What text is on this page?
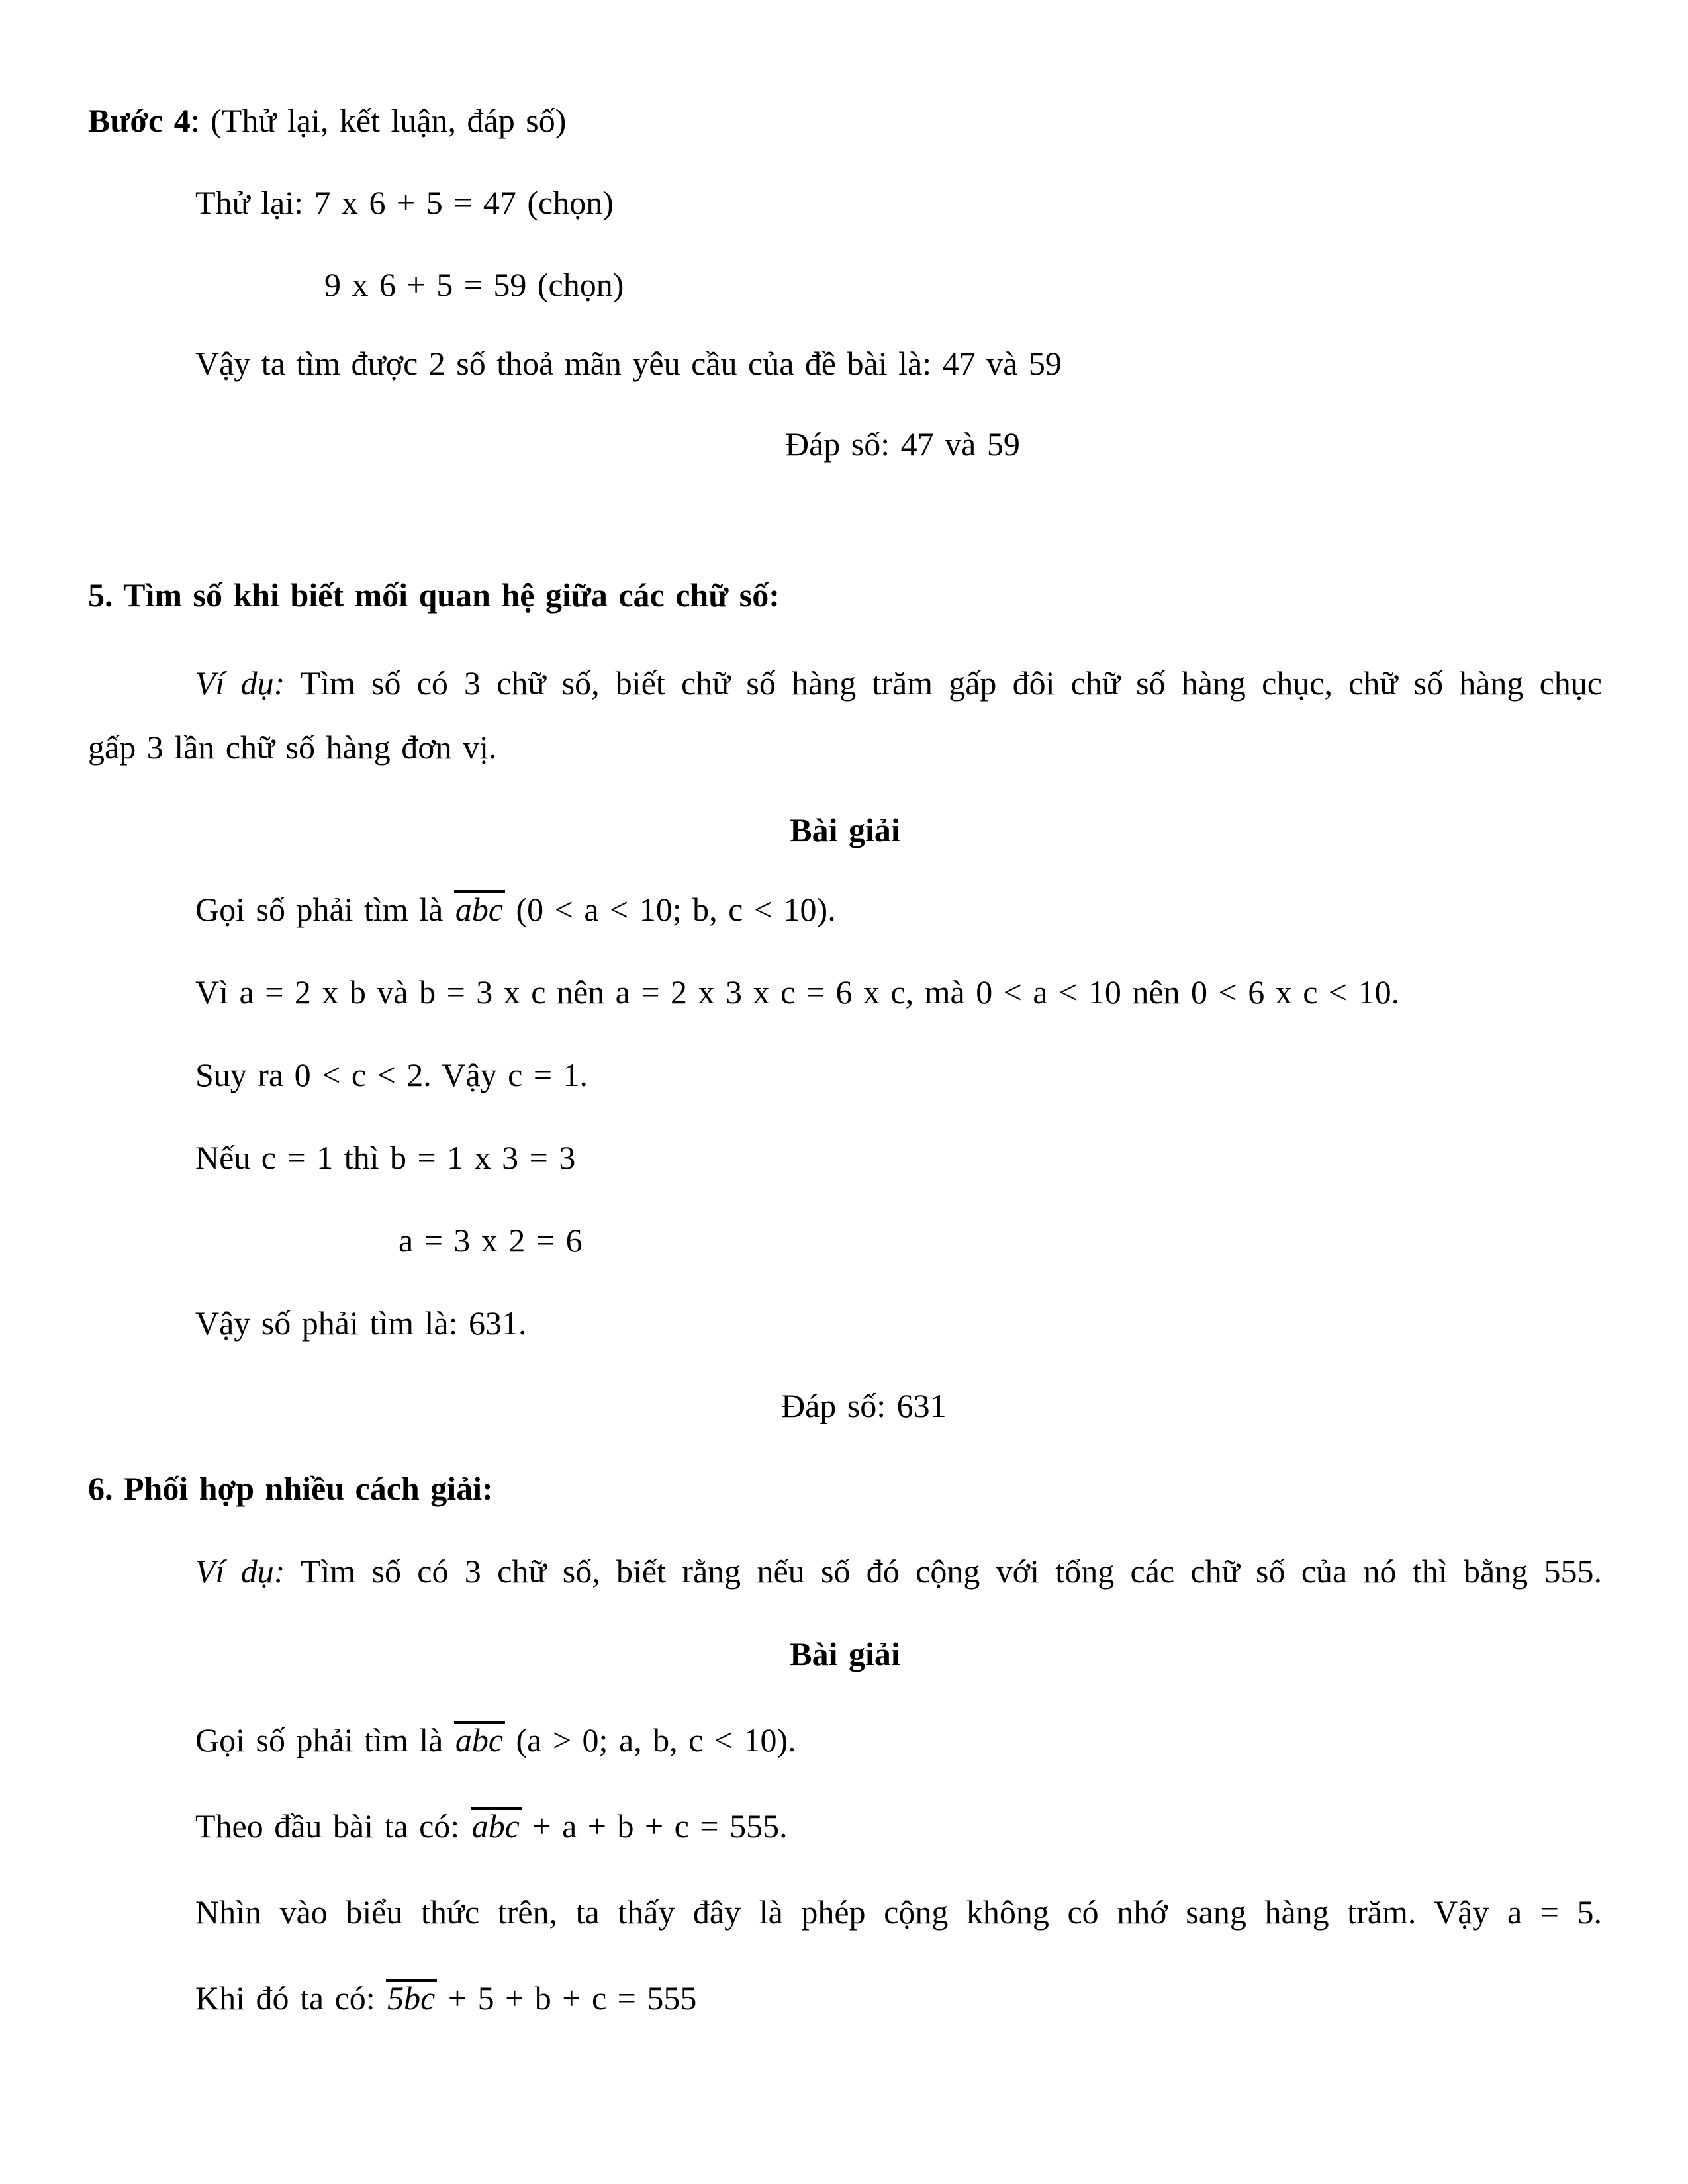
Bước 4: (Thử lại, kết luận, đáp số)
Thử lại: 7 x 6 + 5 = 47 (chọn)
9 x 6 + 5 = 59 (chọn)
Vậy ta tìm được 2 số thoả mãn yêu cầu của đề bài là: 47 và 59
Đáp số: 47 và 59
5. Tìm số khi biết mối quan hệ giữa các chữ số:
Ví dụ: Tìm số có 3 chữ số, biết chữ số hàng trăm gấp đôi chữ số hàng chục, chữ số hàng chục
gấp 3 lần chữ số hàng đơn vị.
Bài giải
Gọi số phải tìm là abc (0 < a < 10; b, c < 10).
Vì a = 2 x b và b = 3 x c nên a = 2 x 3 x c = 6 x c, mà 0 < a < 10 nên 0 < 6 x c < 10.
Suy ra 0 < c < 2. Vậy c = 1.
Nếu c = 1 thì b = 1 x 3 = 3
a = 3 x 2 = 6
Vậy số phải tìm là: 631.
Đáp số: 631
6. Phối hợp nhiều cách giải:
Ví dụ: Tìm số có 3 chữ số, biết rằng nếu số đó cộng với tổng các chữ số của nó thì bằng 555.
Bài giải
Gọi số phải tìm là abc (a > 0; a, b, c < 10).
Theo đầu bài ta có: abc + a + b + c = 555.
Nhìn vào biểu thức trên, ta thấy đây là phép cộng không có nhớ sang hàng trăm. Vậy a = 5.
Khi đó ta có: 5bc + 5 + b + c = 555
